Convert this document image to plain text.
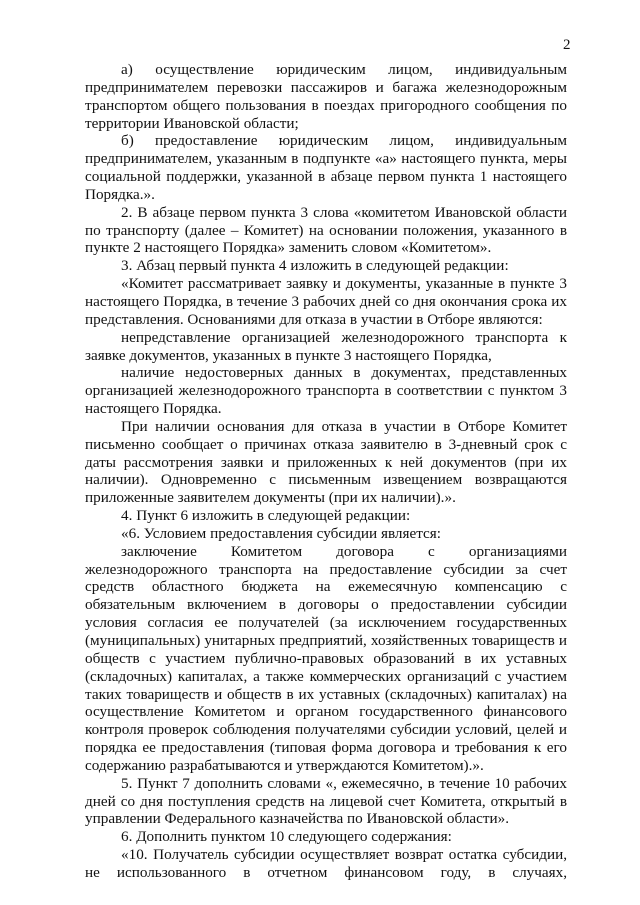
2

а) осуществление юридическим лицом, индивидуальным предпринимателем перевозки пассажиров и багажа железнодорожным транспортом общего пользования в поездах пригородного сообщения по территории Ивановской области;

б) предоставление юридическим лицом, индивидуальным предпринимателем, указанным в подпункте «а» настоящего пункта, меры социальной поддержки, указанной в абзаце первом пункта 1 настоящего Порядка.».

2. В абзаце первом пункта 3 слова «комитетом Ивановской области по транспорту (далее – Комитет) на основании положения, указанного в пункте 2 настоящего Порядка» заменить словом «Комитетом».

3. Абзац первый пункта 4 изложить в следующей редакции:

«Комитет рассматривает заявку и документы, указанные в пункте 3 настоящего Порядка, в течение 3 рабочих дней со дня окончания срока их представления. Основаниями для отказа в участии в Отборе являются:

непредставление организацией железнодорожного транспорта к
заявке документов, указанных в пункте 3 настоящего Порядка,

наличие недостоверных данных в документах, представленных организацией железнодорожного транспорта в соответствии с пунктом 3 настоящего Порядка.

При наличии основания для отказа в участии в Отборе Комитет письменно сообщает о причинах отказа заявителю в 3-дневный срок с даты рассмотрения заявки и приложенных к ней документов (при их наличии). Одновременно с письменным извещением возвращаются приложенные заявителем документы (при их наличии).».

4. Пункт 6 изложить в следующей редакции:

«6. Условием предоставления субсидии является:

заключение Комитетом договора с организациями железнодорожного транспорта на предоставление субсидии за счет средств областного бюджета на ежемесячную компенсацию с обязательным включением в договоры о предоставлении субсидии условия согласия ее получателей (за исключением государственных (муниципальных) унитарных предприятий, хозяйственных товариществ и обществ с участием публично-правовых образований в их уставных (складочных) капиталах, а также коммерческих организаций с участием таких товариществ и обществ в их уставных (складочных) капиталах) на осуществление Комитетом и органом государственного финансового контроля проверок соблюдения получателями субсидии условий, целей и порядка ее предоставления (типовая форма договора и требования к его содержанию разрабатываются и утверждаются Комитетом).».

5. Пункт 7 дополнить словами «, ежемесячно, в течение 10 рабочих дней со дня поступления средств на лицевой счет Комитета, открытый в управлении Федерального казначейства по Ивановской области».

6. Дополнить пунктом 10 следующего содержания:

«10. Получатель субсидии осуществляет возврат остатка субсидии, не использованного в отчетном финансовом году, в случаях,
